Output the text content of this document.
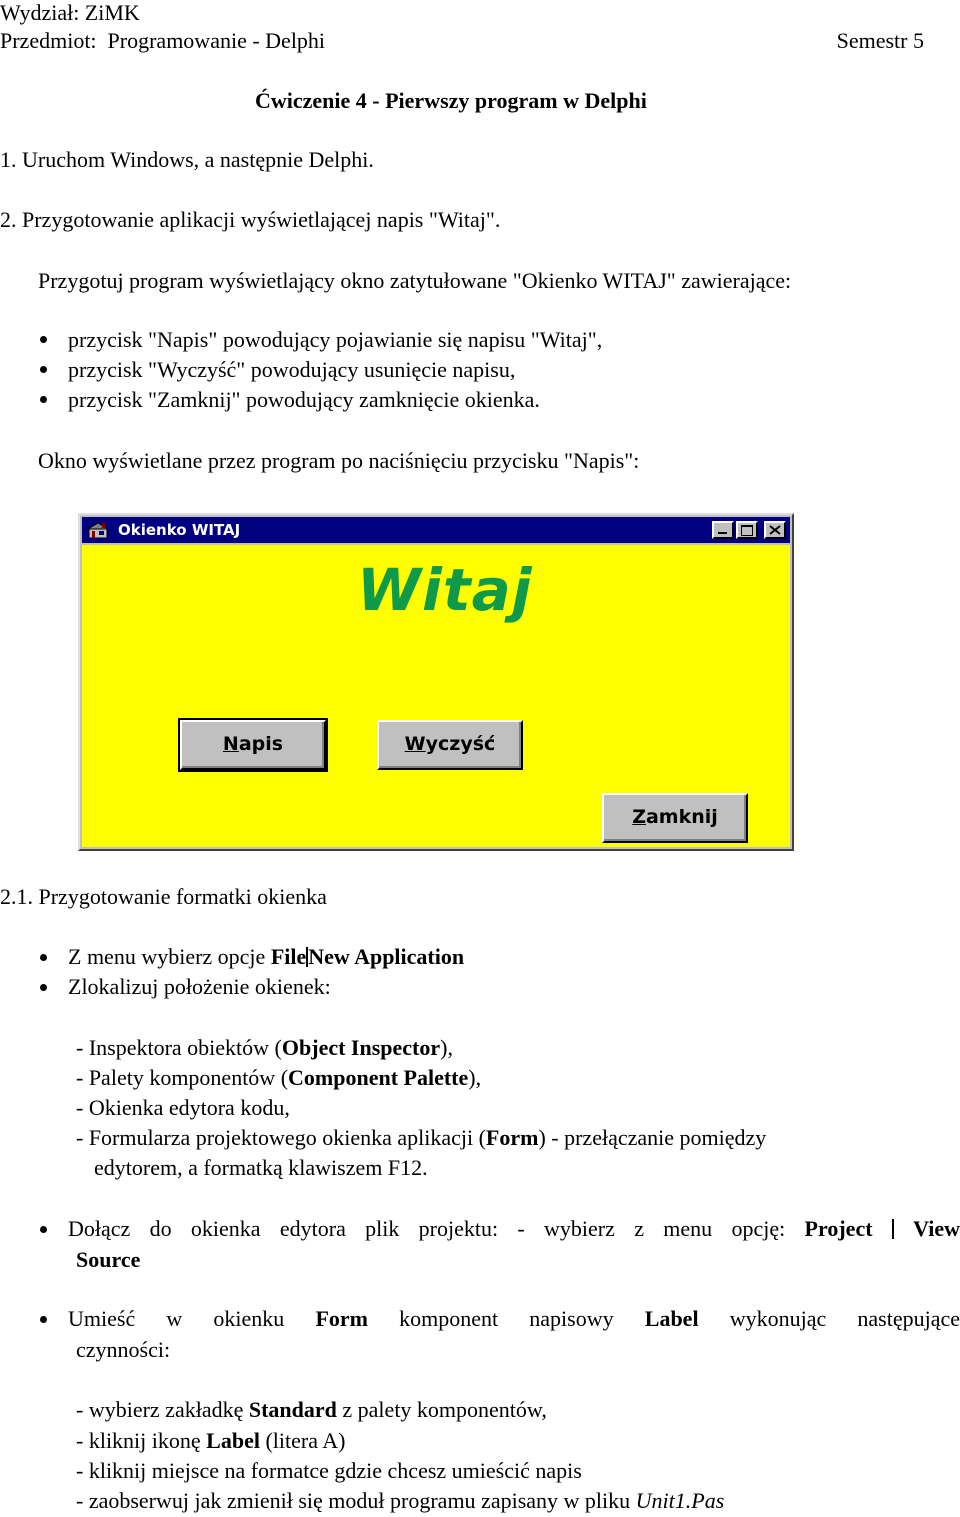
Wydział: ZiMK
Przedmiot: Programowanie - Delphi	Semestr 5
Ćwiczenie 4 - Pierwszy program w Delphi
1. Uruchom Windows, a następnie Delphi.
2. Przygotowanie aplikacji wyświetlającej napis "Witaj".
Przygotuj program wyświetlający okno zatytułowane "Okienko WITAJ" zawierające:
przycisk "Napis" powodujący pojawianie się napisu "Witaj",
przycisk "Wyczyść" powodujący usunięcie napisu,
przycisk "Zamknij" powodujący zamknięcie okienka.
Okno wyświetlane przez program po naciśnięciu przycisku "Napis":
Okienko WITAJ
Witaj
Napis	Wyczyść
Zamknij
2.1. Przygotowanie formatki okienka
Z menu wybierz opcje FileNew Application
Zlokalizuj położenie okienek:
- Inspektora obiektów (Object Inspector),
- Palety komponentów (Component Palette),
- Okienka edytora kodu,
- Formularza projektowego okienka aplikacji (Form) - przełączanie pomiędzy
edytorem, a formatką klawiszem F12.
Dołącz do okienka edytora plik projektu: - wybierz z menu opcję: Project View
Source
Umieść w okienku Form komponent napisowy Label wykonując następujące
czynności:
- wybierz zakładkę Standard z palety komponentów,
- kliknij ikonę Label (litera A)
- kliknij miejsce na formatce gdzie chcesz umieścić napis
- zaobserwuj jak zmienił się moduł programu zapisany w pliku Unit1.Pas
